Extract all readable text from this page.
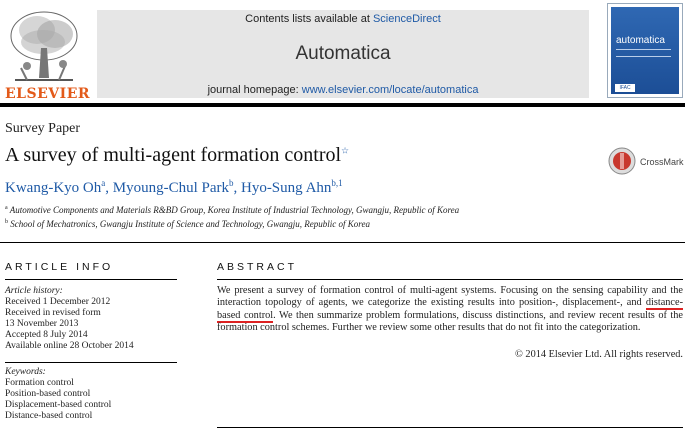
ELSEVIER
Contents lists available at ScienceDirect
Automatica
journal homepage: www.elsevier.com/locate/automatica
automatica
IFAC
Survey Paper
A survey of multi-agent formation control☆
CrossMark
Kwang-Kyo Oh$^a$, Myoung-Chul Park$^b$, Hyo-Sung Ahn$^{b,1}$
$^a$ Automotive Components and Materials R&BD Group, Korea Institute of Industrial Technology, Gwangju, Republic of Korea
$^b$ School of Mechatronics, Gwangju Institute of Science and Technology, Gwangju, Republic of Korea
ARTICLE INFO
Article history:
Received 1 December 2012
Received in revised form
13 November 2013
Accepted 8 July 2014
Available online 28 October 2014
Keywords:
Formation control
Position-based control
Displacement-based control
Distance-based control
ABSTRACT
We present a survey of formation control of multi-agent systems. Focusing on the sensing capability and the interaction topology of agents, we categorize the existing results into position-, displacement-, and distance-based control. We then summarize problem formulations, discuss distinctions, and review recent results of the formation control schemes. Further we review some other results that do not fit into the categorization.
© 2014 Elsevier Ltd. All rights reserved.
